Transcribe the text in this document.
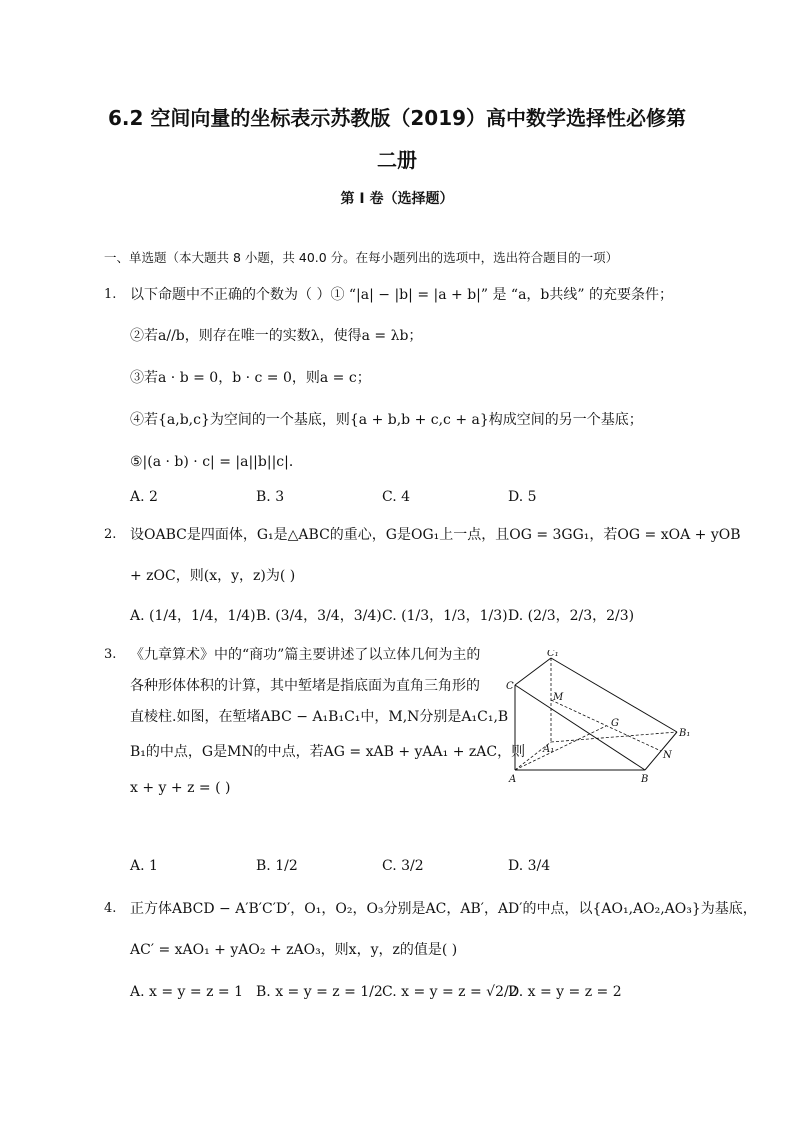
6.2 空间向量的坐标表示苏教版（2019）高中数学选择性必修第
二册
第 I 卷（选择题）
一、单选题（本大题共 8 小题，共 40.0 分。在每小题列出的选项中，选出符合题目的一项）
1. 以下命题中不正确的个数为（ ）① “|a| − |b| = |a + b|” 是 “a，b共线” 的充要条件；
②若a//b，则存在唯一的实数λ，使得a = λb；
③若a · b = 0，b · c = 0，则a = c；
④若{a,b,c}为空间的一个基底，则{a + b,b + c,c + a}构成空间的另一个基底；
⑤|(a · b) · c| = |a||b||c|．
A. 2	B. 3	C. 4	D. 5
2. 设OABC是四面体，G₁是△ABC的重心，G是OG₁上一点，且OG = 3GG₁，若OG = xOA + yOB
+ zOC，则(x，y，z)为( )
A. (1/4，1/4，1/4) B. (3/4，3/4，3/4) C. (1/3，1/3，1/3) D. (2/3，2/3，2/3)
3. 《九章算术》中的“商功”篇主要讲述了以立体几何为主的
各种形体体积的计算，其中堑堵是指底面为直角三角形的
直棱柱.如图，在堑堵ABC − A₁B₁C₁中，M,N分别是A₁C₁,B
B₁的中点，G是MN的中点，若AG = xAB + yAA₁ + zAC，则
x + y + z = ( )
C₁
C
M
G
A₁
B₁
N
A	B
A. 1	B. 1/2	C. 3/2	D. 3/4
4. 正方体ABCD − A′B′C′D′，O₁，O₂，O₃分别是AC，AB′，AD′的中点，以{AO₁,AO₂,AO₃}为基底，
AC′ = xAO₁ + yAO₂ + zAO₃，则x，y，z的值是( )
A. x = y = z = 1 B. x = y = z = 1/2 C. x = y = z = √2/2
D. x = y = z = 2
